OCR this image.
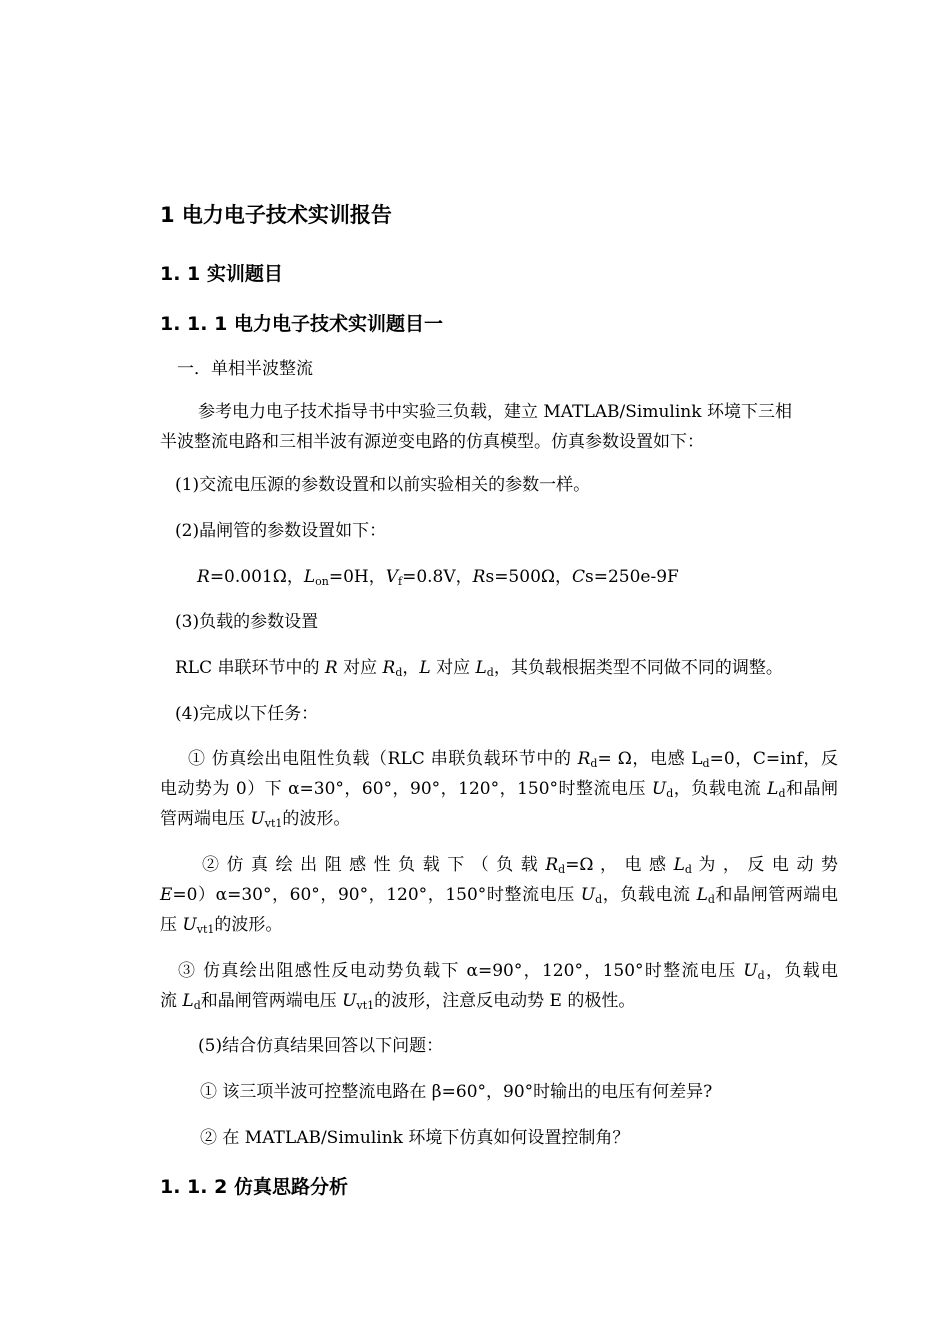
1 电力电子技术实训报告
1. 1 实训题目
1. 1. 1 电力电子技术实训题目一
一．单相半波整流
参考电力电子技术指导书中实验三负载，建立 MATLAB/Simulink 环境下三相
半波整流电路和三相半波有源逆变电路的仿真模型。仿真参数设置如下：
(1)交流电压源的参数设置和以前实验相关的参数一样。
(2)晶闸管的参数设置如下：
R=0.001Ω，$L_{on}=0H$，$V_f=0.8V$，Rs=500Ω，Cs=250e-9F
(3)负载的参数设置
RLC 串联环节中的 R 对应 $R_d$，L 对应 $L_d$，其负载根据类型不同做不同的调整。
(4)完成以下任务：
① 仿真绘出电阻性负载（RLC 串联负载环节中的 $R_d= \Omega$，电感 $L_d=0$，C=inf，反
电动势为 0）下 α=30°，60°，90°，120°，150°时整流电压 $U_d$，负载电流 $L_d$和晶闸
管两端电压 $U_{vt1}$的波形。
② 仿 真 绘 出 阻 感 性 负 载 下 （ 负 载 $R_d=\Omega$ ， 电 感 $L_d$ 为 ， 反 电 动 势
E=0）α=30°，60°，90°，120°，150°时整流电压 $U_d$，负载电流 $L_d$和晶闸管两端电
压 $U_{vt1}$的波形。
③ 仿真绘出阻感性反电动势负载下 α=90°，120°，150°时整流电压 $U_d$，负载电
流 $L_d$和晶闸管两端电压 $U_{vt1}$的波形，注意反电动势 E 的极性。
(5)结合仿真结果回答以下问题：
① 该三项半波可控整流电路在 β=60°，90°时输出的电压有何差异?
② 在 MATLAB/Simulink 环境下仿真如何设置控制角？
1. 1. 2 仿真思路分析
